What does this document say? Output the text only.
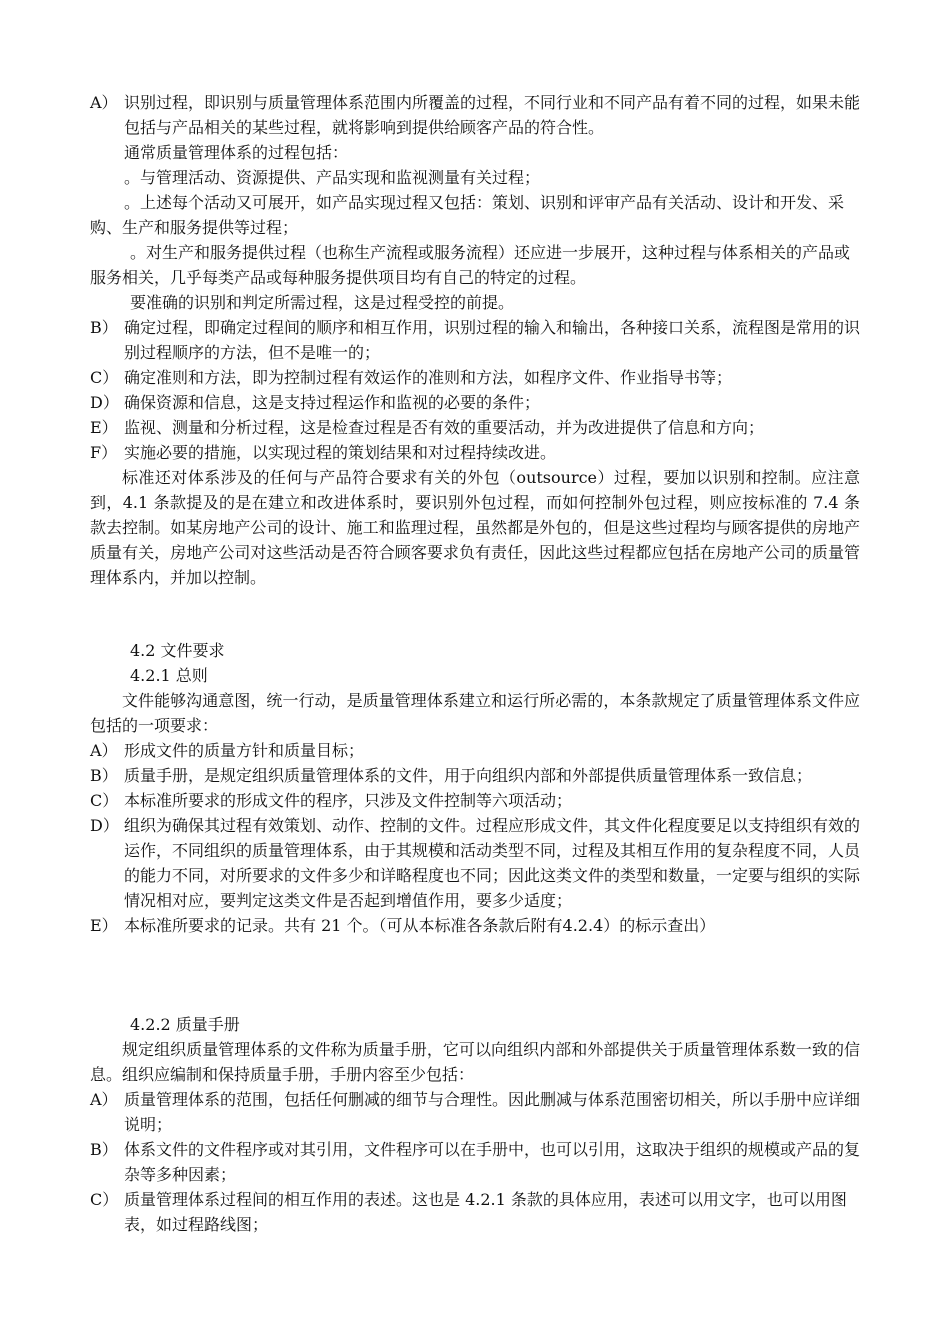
A） 识别过程，即识别与质量管理体系范围内所覆盖的过程，不同行业和不同产品有着不同的过程，如果未能包括与产品相关的某些过程，就将影响到提供给顾客产品的符合性。
通常质量管理体系的过程包括：
。与管理活动、资源提供、产品实现和监视测量有关过程；
。上述每个活动又可展开，如产品实现过程又包括：策划、识别和评审产品有关活动、设计和开发、采购、生产和服务提供等过程；
。对生产和服务提供过程（也称生产流程或服务流程）还应进一步展开，这种过程与体系相关的产品或服务相关，几乎每类产品或每种服务提供项目均有自己的特定的过程。
要准确的识别和判定所需过程，这是过程受控的前提。
B） 确定过程，即确定过程间的顺序和相互作用，识别过程的输入和输出，各种接口关系，流程图是常用的识别过程顺序的方法，但不是唯一的；
C） 确定准则和方法，即为控制过程有效运作的准则和方法，如程序文件、作业指导书等；
D） 确保资源和信息，这是支持过程运作和监视的必要的条件；
E） 监视、测量和分析过程，这是检查过程是否有效的重要活动，并为改进提供了信息和方向；
F） 实施必要的措施，以实现过程的策划结果和对过程持续改进。
标准还对体系涉及的任何与产品符合要求有关的外包（outsource）过程，要加以识别和控制。应注意到，4.1 条款提及的是在建立和改进体系时，要识别外包过程，而如何控制外包过程，则应按标准的 7.4 条款去控制。如某房地产公司的设计、施工和监理过程，虽然都是外包的，但是这些过程均与顾客提供的房地产质量有关，房地产公司对这些活动是否符合顾客要求负有责任，因此这些过程都应包括在房地产公司的质量管理体系内，并加以控制。
4.2 文件要求
4.2.1 总则
文件能够沟通意图，统一行动，是质量管理体系建立和运行所必需的，本条款规定了质量管理体系文件应包括的一项要求：
A） 形成文件的质量方针和质量目标；
B） 质量手册，是规定组织质量管理体系的文件，用于向组织内部和外部提供质量管理体系一致信息；
C） 本标准所要求的形成文件的程序，只涉及文件控制等六项活动；
D） 组织为确保其过程有效策划、动作、控制的文件。过程应形成文件，其文件化程度要足以支持组织有效的运作，不同组织的质量管理体系，由于其规模和活动类型不同，过程及其相互作用的复杂程度不同，人员的能力不同，对所要求的文件多少和详略程度也不同；因此这类文件的类型和数量，一定要与组织的实际情况相对应，要判定这类文件是否起到增值作用，要多少适度；
E） 本标准所要求的记录。共有 21 个。（可从本标准各条款后附有4.2.4）的标示查出）
4.2.2 质量手册
规定组织质量管理体系的文件称为质量手册，它可以向组织内部和外部提供关于质量管理体系数一致的信息。组织应编制和保持质量手册，手册内容至少包括：
A） 质量管理体系的范围，包括任何删减的细节与合理性。因此删减与体系范围密切相关，所以手册中应详细说明；
B） 体系文件的文件程序或对其引用，文件程序可以在手册中，也可以引用，这取决于组织的规模或产品的复杂等多种因素；
C） 质量管理体系过程间的相互作用的表述。这也是 4.2.1 条款的具体应用，表述可以用文字，也可以用图表，如过程路线图；
